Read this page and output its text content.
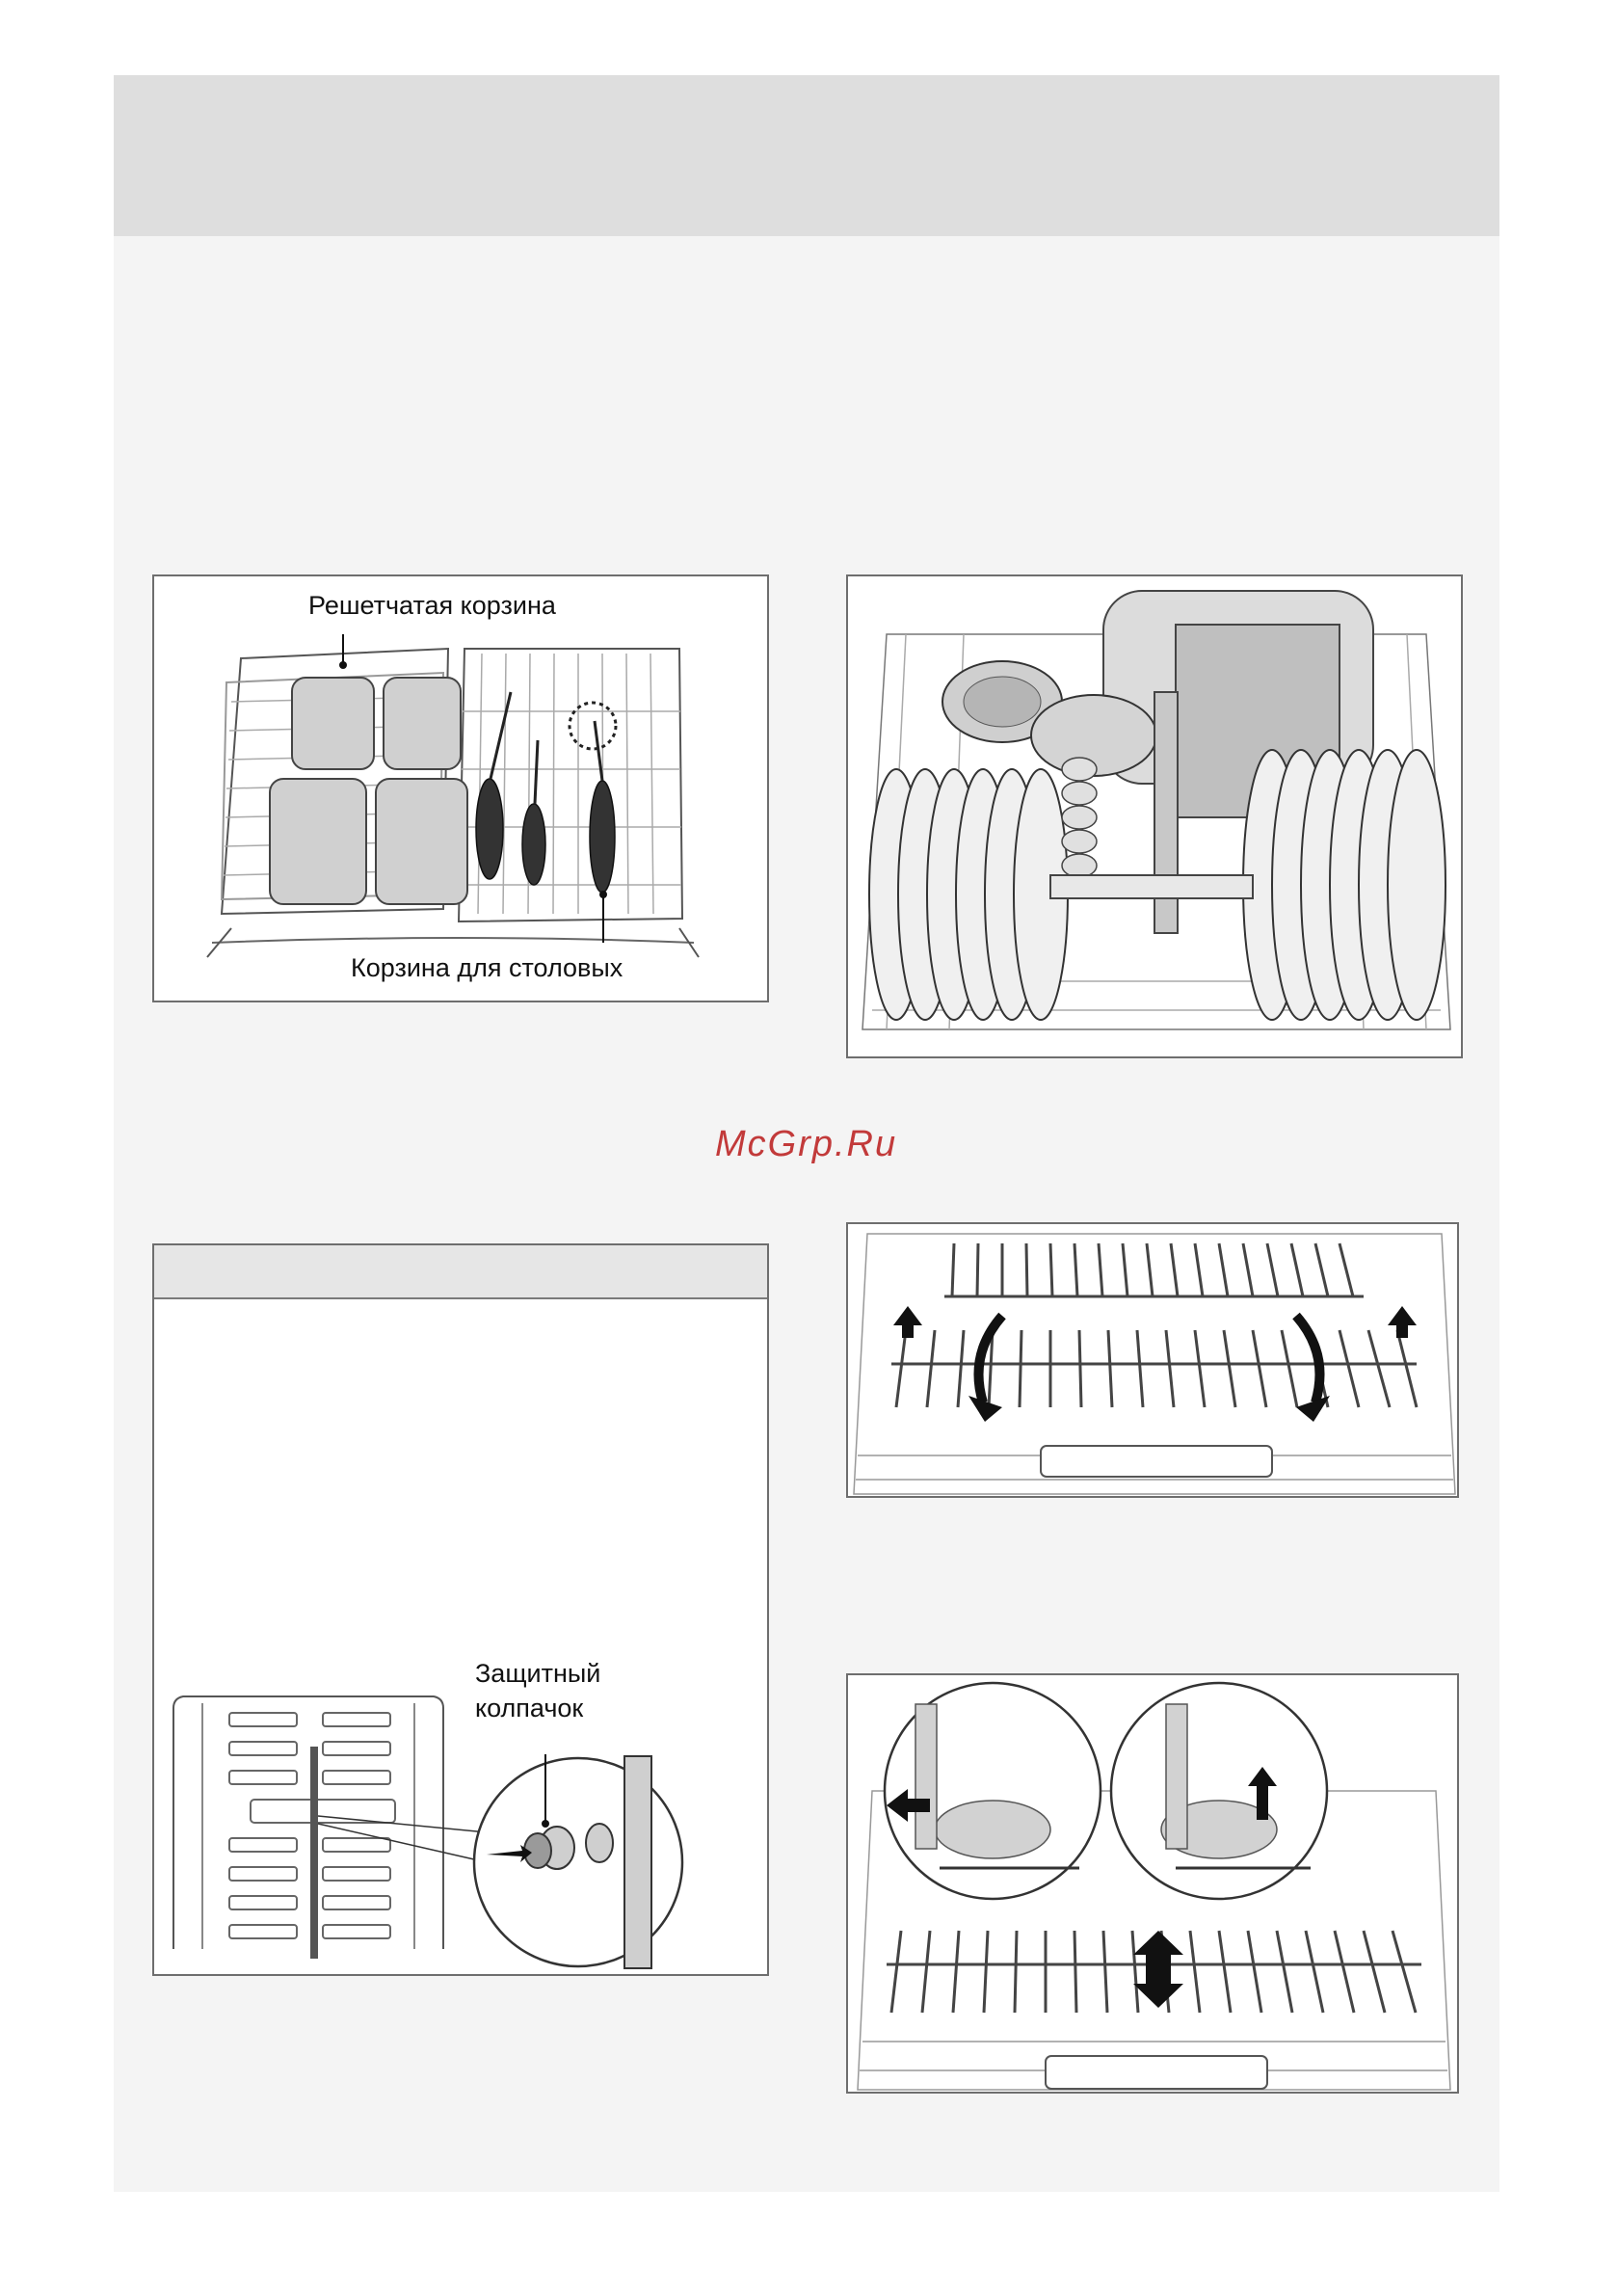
Решетчатая корзина
Корзина для столовых
McGrp.Ru
Защитный
колпачок
